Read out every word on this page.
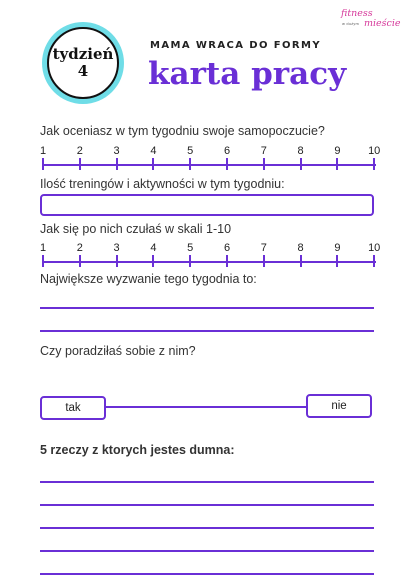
fitness
w dużym mieście
tydzień
4
MAMA WRACA DO FORMY
karta pracy
Jak oceniasz w tym tygodniu swoje samopoczucie?
1	2	3	4	5	6	7	8	9	10
Ilość treningów i aktywności w tym tygodniu:
Jak się po nich czułaś w skali 1-10
1	2	3	4	5	6	7	8	9	10
Największe wyzwanie tego tygodnia to:
Czy poradziłaś sobie z nim?
tak	nie
5 rzeczy z ktorych jestes dumna:
